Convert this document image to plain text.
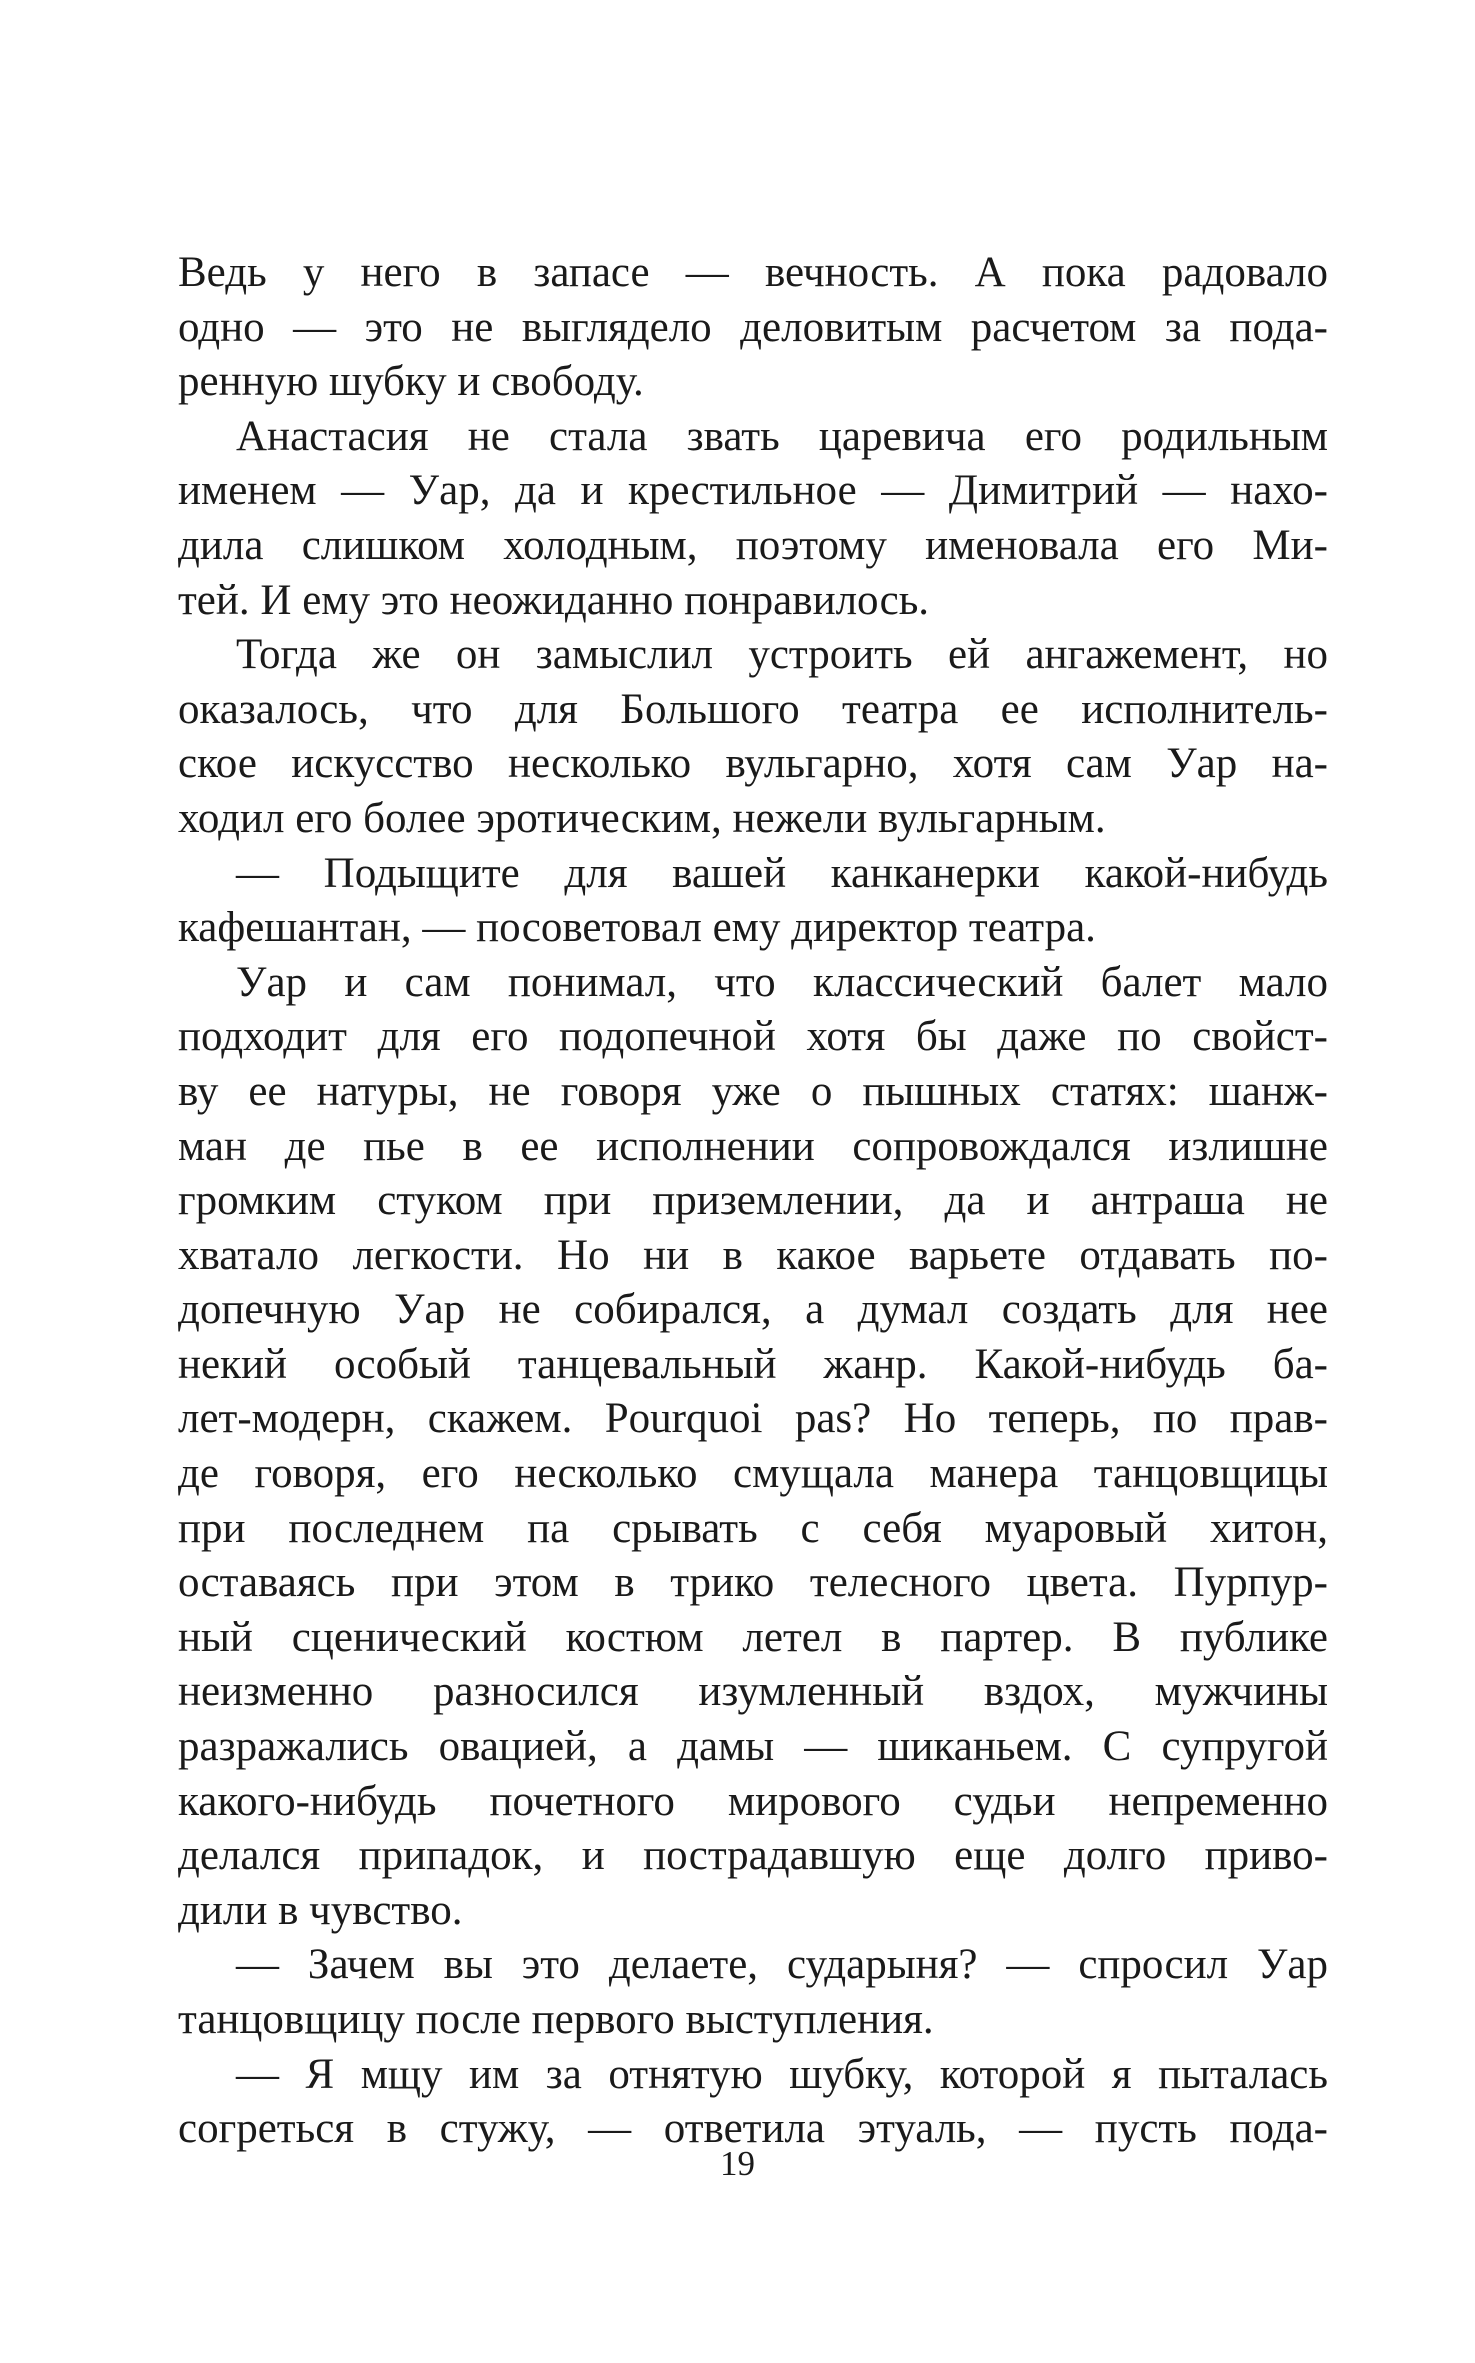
Ведь у него в запасе — вечность. А пока радовало
одно — это не выглядело деловитым расчетом за пода-
ренную шубку и свободу.
Анастасия не стала звать царевича его родильным
именем — Уар, да и крестильное — Димитрий — нахо-
дила слишком холодным, поэтому именовала его Ми-
тей. И ему это неожиданно понравилось.
Тогда же он замыслил устроить ей ангажемент, но
оказалось, что для Большого театра ее исполнитель-
ское искусство несколько вульгарно, хотя сам Уар на-
ходил его более эротическим, нежели вульгарным.
— Подыщите для вашей канканерки какой-нибудь
кафешантан, — посоветовал ему директор театра.
Уар и сам понимал, что классический балет мало
подходит для его подопечной хотя бы даже по свойст-
ву ее натуры, не говоря уже о пышных статях: шанж-
ман де пье в ее исполнении сопровождался излишне
громким стуком при приземлении, да и антраша не
хватало легкости. Но ни в какое варьете отдавать по-
допечную Уар не собирался, а думал создать для нее
некий особый танцевальный жанр. Какой-нибудь ба-
лет-модерн, скажем. Pourquoi pas? Но теперь, по прав-
де говоря, его несколько смущала манера танцовщицы
при последнем па срывать с себя муаровый хитон,
оставаясь при этом в трико телесного цвета. Пурпур-
ный сценический костюм летел в партер. В публике
неизменно разносился изумленный вздох, мужчины
разражались овацией, а дамы — шиканьем. С супругой
какого-нибудь почетного мирового судьи непременно
делался припадок, и пострадавшую еще долго приво-
дили в чувство.
— Зачем вы это делаете, сударыня? — спросил Уар
танцовщицу после первого выступления.
— Я мщу им за отнятую шубку, которой я пыталась
согреться в стужу, — ответила этуаль, — пусть пода-
19
